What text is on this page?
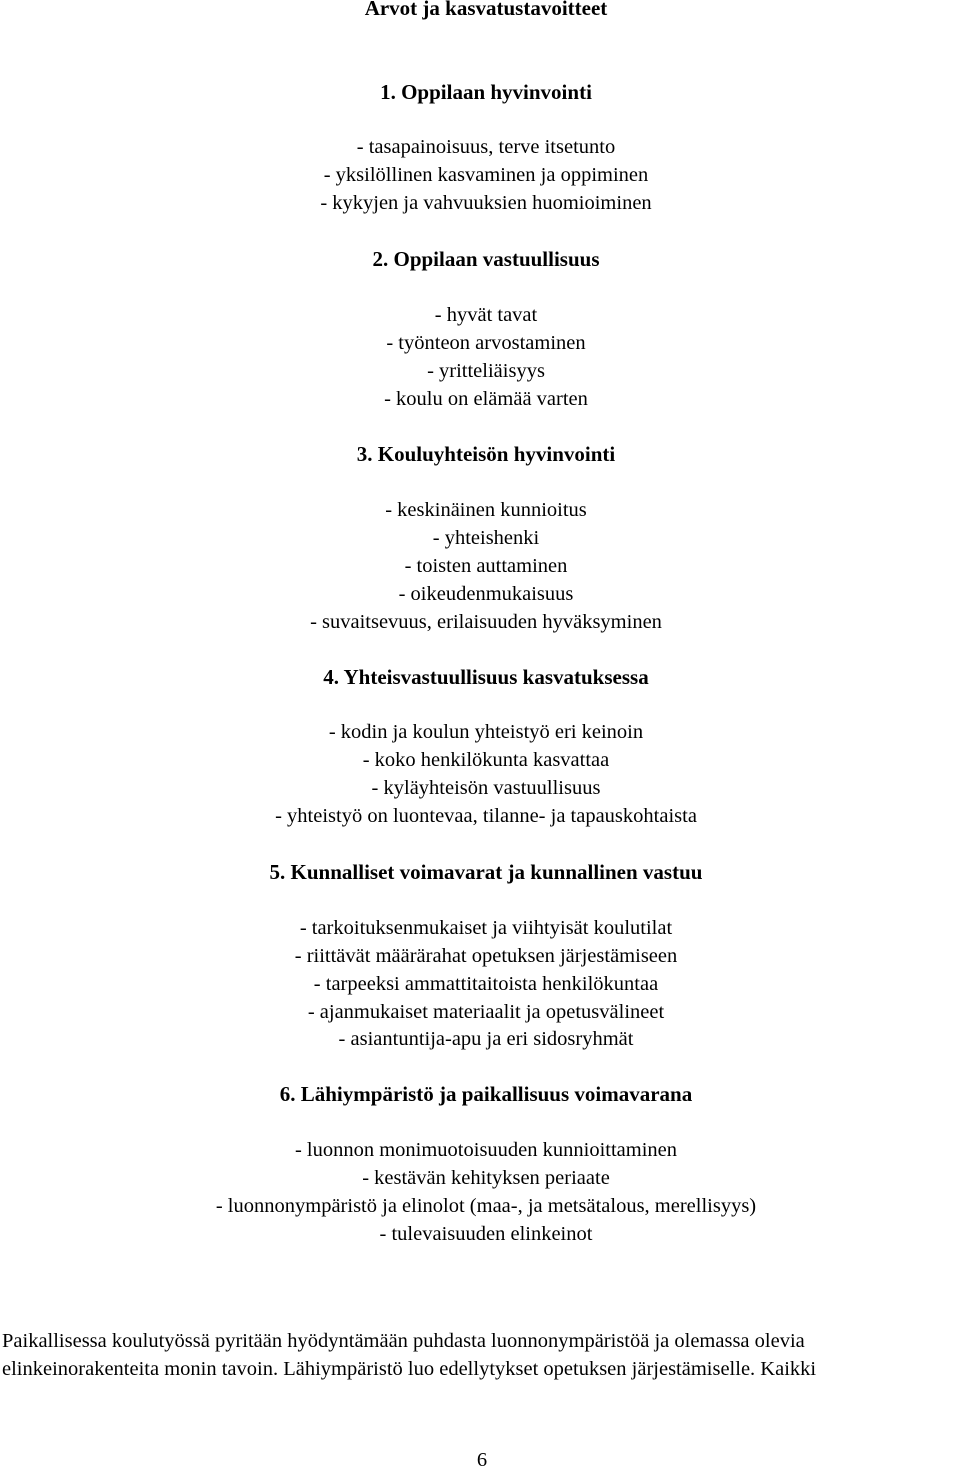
Arvot ja kasvatustavoitteet
1. Oppilaan hyvinvointi
- tasapainoisuus, terve itsetunto
- yksilöllinen kasvaminen ja oppiminen
- kykyjen ja vahvuuksien huomioiminen
2. Oppilaan vastuullisuus
- hyvät tavat
- työnteon arvostaminen
- yritteliäisyys
- koulu on elämää varten
3. Kouluyhteisön hyvinvointi
- keskinäinen kunnioitus
- yhteishenki
- toisten auttaminen
- oikeudenmukaisuus
- suvaitsevuus, erilaisuuden hyväksyminen
4. Yhteisvastuullisuus kasvatuksessa
- kodin ja koulun yhteistyö eri keinoin
- koko henkilökunta kasvattaa
- kyläyhteisön vastuullisuus
- yhteistyö on luontevaa, tilanne- ja tapauskohtaista
5. Kunnalliset voimavarat ja kunnallinen vastuu
- tarkoituksenmukaiset ja viihtyisät koulutilat
- riittävät määrärahat opetuksen järjestämiseen
- tarpeeksi ammattitaitoista henkilökuntaa
- ajanmukaiset materiaalit ja opetusvälineet
- asiantuntija-apu ja eri sidosryhmät
6. Lähiympäristö ja paikallisuus voimavarana
- luonnon monimuotoisuuden kunnioittaminen
- kestävän kehityksen periaate
- luonnonympäristö ja elinolot (maa-, ja metsätalous, merellisyys)
- tulevaisuuden elinkeinot
Paikallisessa koulutyössä pyritään hyödyntämään puhdasta luonnonympäristöä ja olemassa olevia
elinkeinorakenteita monin tavoin. Lähiympäristö luo edellytykset opetuksen järjestämiselle. Kaikki
6
